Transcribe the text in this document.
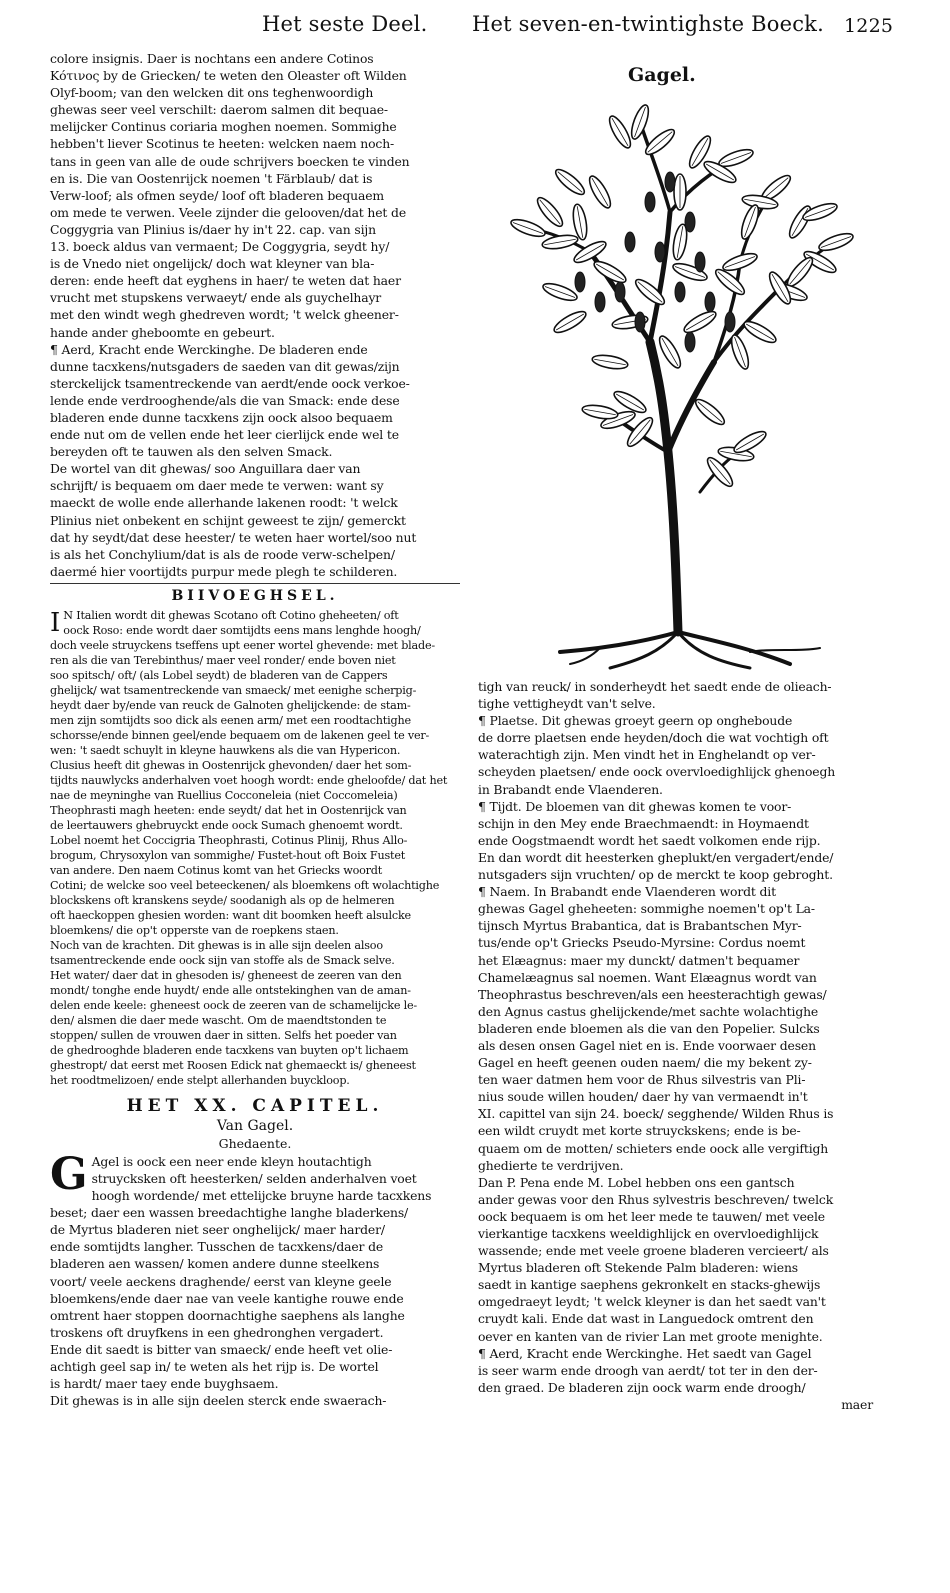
Het seste Deel. Het seven-en-twintighste Boeck. 1225
Gagel.
colore insignis. Daer is nochtans een andere Cotinos
Κότινος by de Griecken/ te weten den Oleaster oft Wilden
Olyf-boom; van den welcken dit ons teghenwoordigh
ghewas seer veel verschilt: daerom salmen dit bequae-
melijcker Continus coriaria moghen noemen. Sommighe
hebben't liever Scotinus te heeten: welcken naem noch-
tans in geen van alle de oude schrijvers boecken te vinden
en is. Die van Oostenrijck noemen 't Färblaub/ dat is
Verw-loof; als ofmen seyde/ loof oft bladeren bequaem
om mede te verwen. Veele zijnder die gelooven/dat het de
Coggygria van Plinius is/daer hy in't 22. cap. van sijn
13. boeck aldus van vermaent; De Coggygria, seydt hy/
is de Vnedo niet ongelijck/ doch wat kleyner van bla-
deren: ende heeft dat eyghens in haer/ te weten dat haer
vrucht met stupskens verwaeyt/ ende als guychelhayr
met den windt wegh ghedreven wordt; 't welck gheener-
hande ander gheboomte en gebeurt.
¶ Aerd, Kracht ende Werckinghe. De bladeren ende
dunne tacxkens/nutsgaders de saeden van dit gewas/zijn
sterckelijck tsamentreckende van aerdt/ende oock verkoe-
lende ende verdrooghende/als die van Smack: ende dese
bladeren ende dunne tacxkens zijn oock alsoo bequaem
ende nut om de vellen ende het leer cierlijck ende wel te
bereyden oft te tauwen als den selven Smack.
De wortel van dit ghewas/ soo Anguillara daer van
schrijft/ is bequaem om daer mede te verwen: want sy
maeckt de wolle ende allerhande lakenen roodt: 't welck
Plinius niet onbekent en schijnt geweest te zijn/ gemerckt
dat hy seydt/dat dese heester/ te weten haer wortel/soo nut
is als het Conchylium/dat is als de roode verw-schelpen/
daermé hier voortijdts purpur mede plegh te schilderen.
BIIVOEGHSEL.
I N Italien wordt dit ghewas Scotano oft Cotino gheheeten/ oft
oock Roso: ende wordt daer somtijdts eens mans lenghde hoogh/
doch veele struyckens tseffens upt eener wortel ghevende: met blade-
ren als die van Terebinthus/ maer veel ronder/ ende boven niet
soo spitsch/ oft/ (als Lobel seydt) de bladeren van de Cappers
ghelijck/ wat tsamentreckende van smaeck/ met eenighe scherpig-
heydt daer by/ende van reuck de Galnoten ghelijckende: de stam-
men zijn somtijdts soo dick als eenen arm/ met een roodtachtighe
schorsse/ende binnen geel/ende bequaem om de lakenen geel te ver-
wen: 't saedt schuylt in kleyne hauwkens als die van Hypericon.
Clusius heeft dit ghewas in Oostenrijck ghevonden/ daer het som-
tijdts nauwlycks anderhalven voet hoogh wordt: ende gheloofde/ dat het
nae de meyninghe van Ruellius Cocconeleia (niet Coccomeleia)
Theophrasti magh heeten: ende seydt/ dat het in Oostenrijck van
de leertauwers ghebruyckt ende oock Sumach ghenoemt wordt.
Lobel noemt het Coccigria Theophrasti, Cotinus Plinij, Rhus Allo-
brogum, Chrysoxylon van sommighe/ Fustet-hout oft Boix Fustet
van andere. Den naem Cotinus komt van het Griecks woordt
Cotini; de welcke soo veel beteeckenen/ als bloemkens oft wolachtighe
blockskens oft kranskens seyde/ soodanigh als op de helmeren
oft haeckoppen ghesien worden: want dit boomken heeft alsulcke
bloemkens/ die op't opperste van de roepkens staen.
Noch van de krachten. Dit ghewas is in alle sijn deelen alsoo
tsamentreckende ende oock sijn van stoffe als de Smack selve.
Het water/ daer dat in ghesoden is/ gheneest de zeeren van den
mondt/ tonghe ende huydt/ ende alle ontstekinghen van de aman-
delen ende keele: gheneest oock de zeeren van de schamelijcke le-
den/ alsmen die daer mede wascht. Om de maendtstonden te
stoppen/ sullen de vrouwen daer in sitten. Selfs het poeder van
de ghedrooghde bladeren ende tacxkens van buyten op't lichaem
ghestropt/ dat eerst met Roosen Edick nat ghemaeckt is/ gheneest
het roodtmelizoen/ ende stelpt allerhanden buyckloop.
HET XX. CAPITEL.
Van Gagel.
Ghedaente.
G Agel is oock een neer ende kleyn houtachtigh
struycksken oft heesterken/ selden anderhalven voet
hoogh wordende/ met ettelijcke bruyne harde tacxkens
beset; daer een wassen breedachtighe langhe bladerkens/
de Myrtus bladeren niet seer onghelijck/ maer harder/
ende somtijdts langher. Tusschen de tacxkens/daer de
bladeren aen wassen/ komen andere dunne steelkens
voort/ veele aeckens draghende/ eerst van kleyne geele
bloemkens/ende daer nae van veele kantighe rouwe ende
omtrent haer stoppen doornachtighe saephens als langhe
troskens oft druyfkens in een ghedronghen vergadert.
Ende dit saedt is bitter van smaeck/ ende heeft vet olie-
achtigh geel sap in/ te weten als het rijp is. De wortel
is hardt/ maer taey ende buyghsaem.
Dit ghewas is in alle sijn deelen sterck ende swaerach-
tigh van reuck/ in sonderheydt het saedt ende de olieach-
tighe vettigheydt van't selve.
¶ Plaetse. Dit ghewas groeyt geern op ongheboude
de dorre plaetsen ende heyden/doch die wat vochtigh oft
waterachtigh zijn. Men vindt het in Enghelandt op ver-
scheyden plaetsen/ ende oock overvloedighlijck ghenoegh
in Brabandt ende Vlaenderen.
¶ Tijdt. De bloemen van dit ghewas komen te voor-
schijn in den Mey ende Braechmaendt: in Hoymaendt
ende Oogstmaendt wordt het saedt volkomen ende rijp.
En dan wordt dit heesterken gheplukt/en vergadert/ende/
nutsgaders sijn vruchten/ op de merckt te koop gebroght.
¶ Naem. In Brabandt ende Vlaenderen wordt dit
ghewas Gagel gheheeten: sommighe noemen't op't La-
tijnsch Myrtus Brabantica, dat is Brabantschen Myr-
tus/ende op't Griecks Pseudo-Myrsine: Cordus noemt
het Elæagnus: maer my dunckt/ datmen't bequamer
Chamelæagnus sal noemen. Want Elæagnus wordt van
Theophrastus beschreven/als een heesterachtigh gewas/
den Agnus castus ghelijckende/met sachte wolachtighe
bladeren ende bloemen als die van den Popelier. Sulcks
als desen onsen Gagel niet en is. Ende voorwaer desen
Gagel en heeft geenen ouden naem/ die my bekent zy-
ten waer datmen hem voor de Rhus silvestris van Pli-
nius soude willen houden/ daer hy van vermaendt in't
XI. capittel van sijn 24. boeck/ segghende/ Wilden Rhus is
een wildt cruydt met korte struyckskens; ende is be-
quaem om de motten/ schieters ende oock alle vergiftigh
ghedierte te verdrijven.
Dan P. Pena ende M. Lobel hebben ons een gantsch
ander gewas voor den Rhus sylvestris beschreven/ twelck
oock bequaem is om het leer mede te tauwen/ met veele
vierkantige tacxkens weeldighlijck en overvloedighlijck
wassende; ende met veele groene bladeren vercieert/ als
Myrtus bladeren oft Stekende Palm bladeren: wiens
saedt in kantige saephens gekronkelt en stacks-ghewijs
omgedraeyt leydt; 't welck kleyner is dan het saedt van't
cruydt kali. Ende dat wast in Languedock omtrent den
oever en kanten van de rivier Lan met groote menighte.
¶ Aerd, Kracht ende Werckinghe. Het saedt van Gagel
is seer warm ende droogh van aerdt/ tot ter in den der-
den graed. De bladeren zijn oock warm ende droogh/
maer
